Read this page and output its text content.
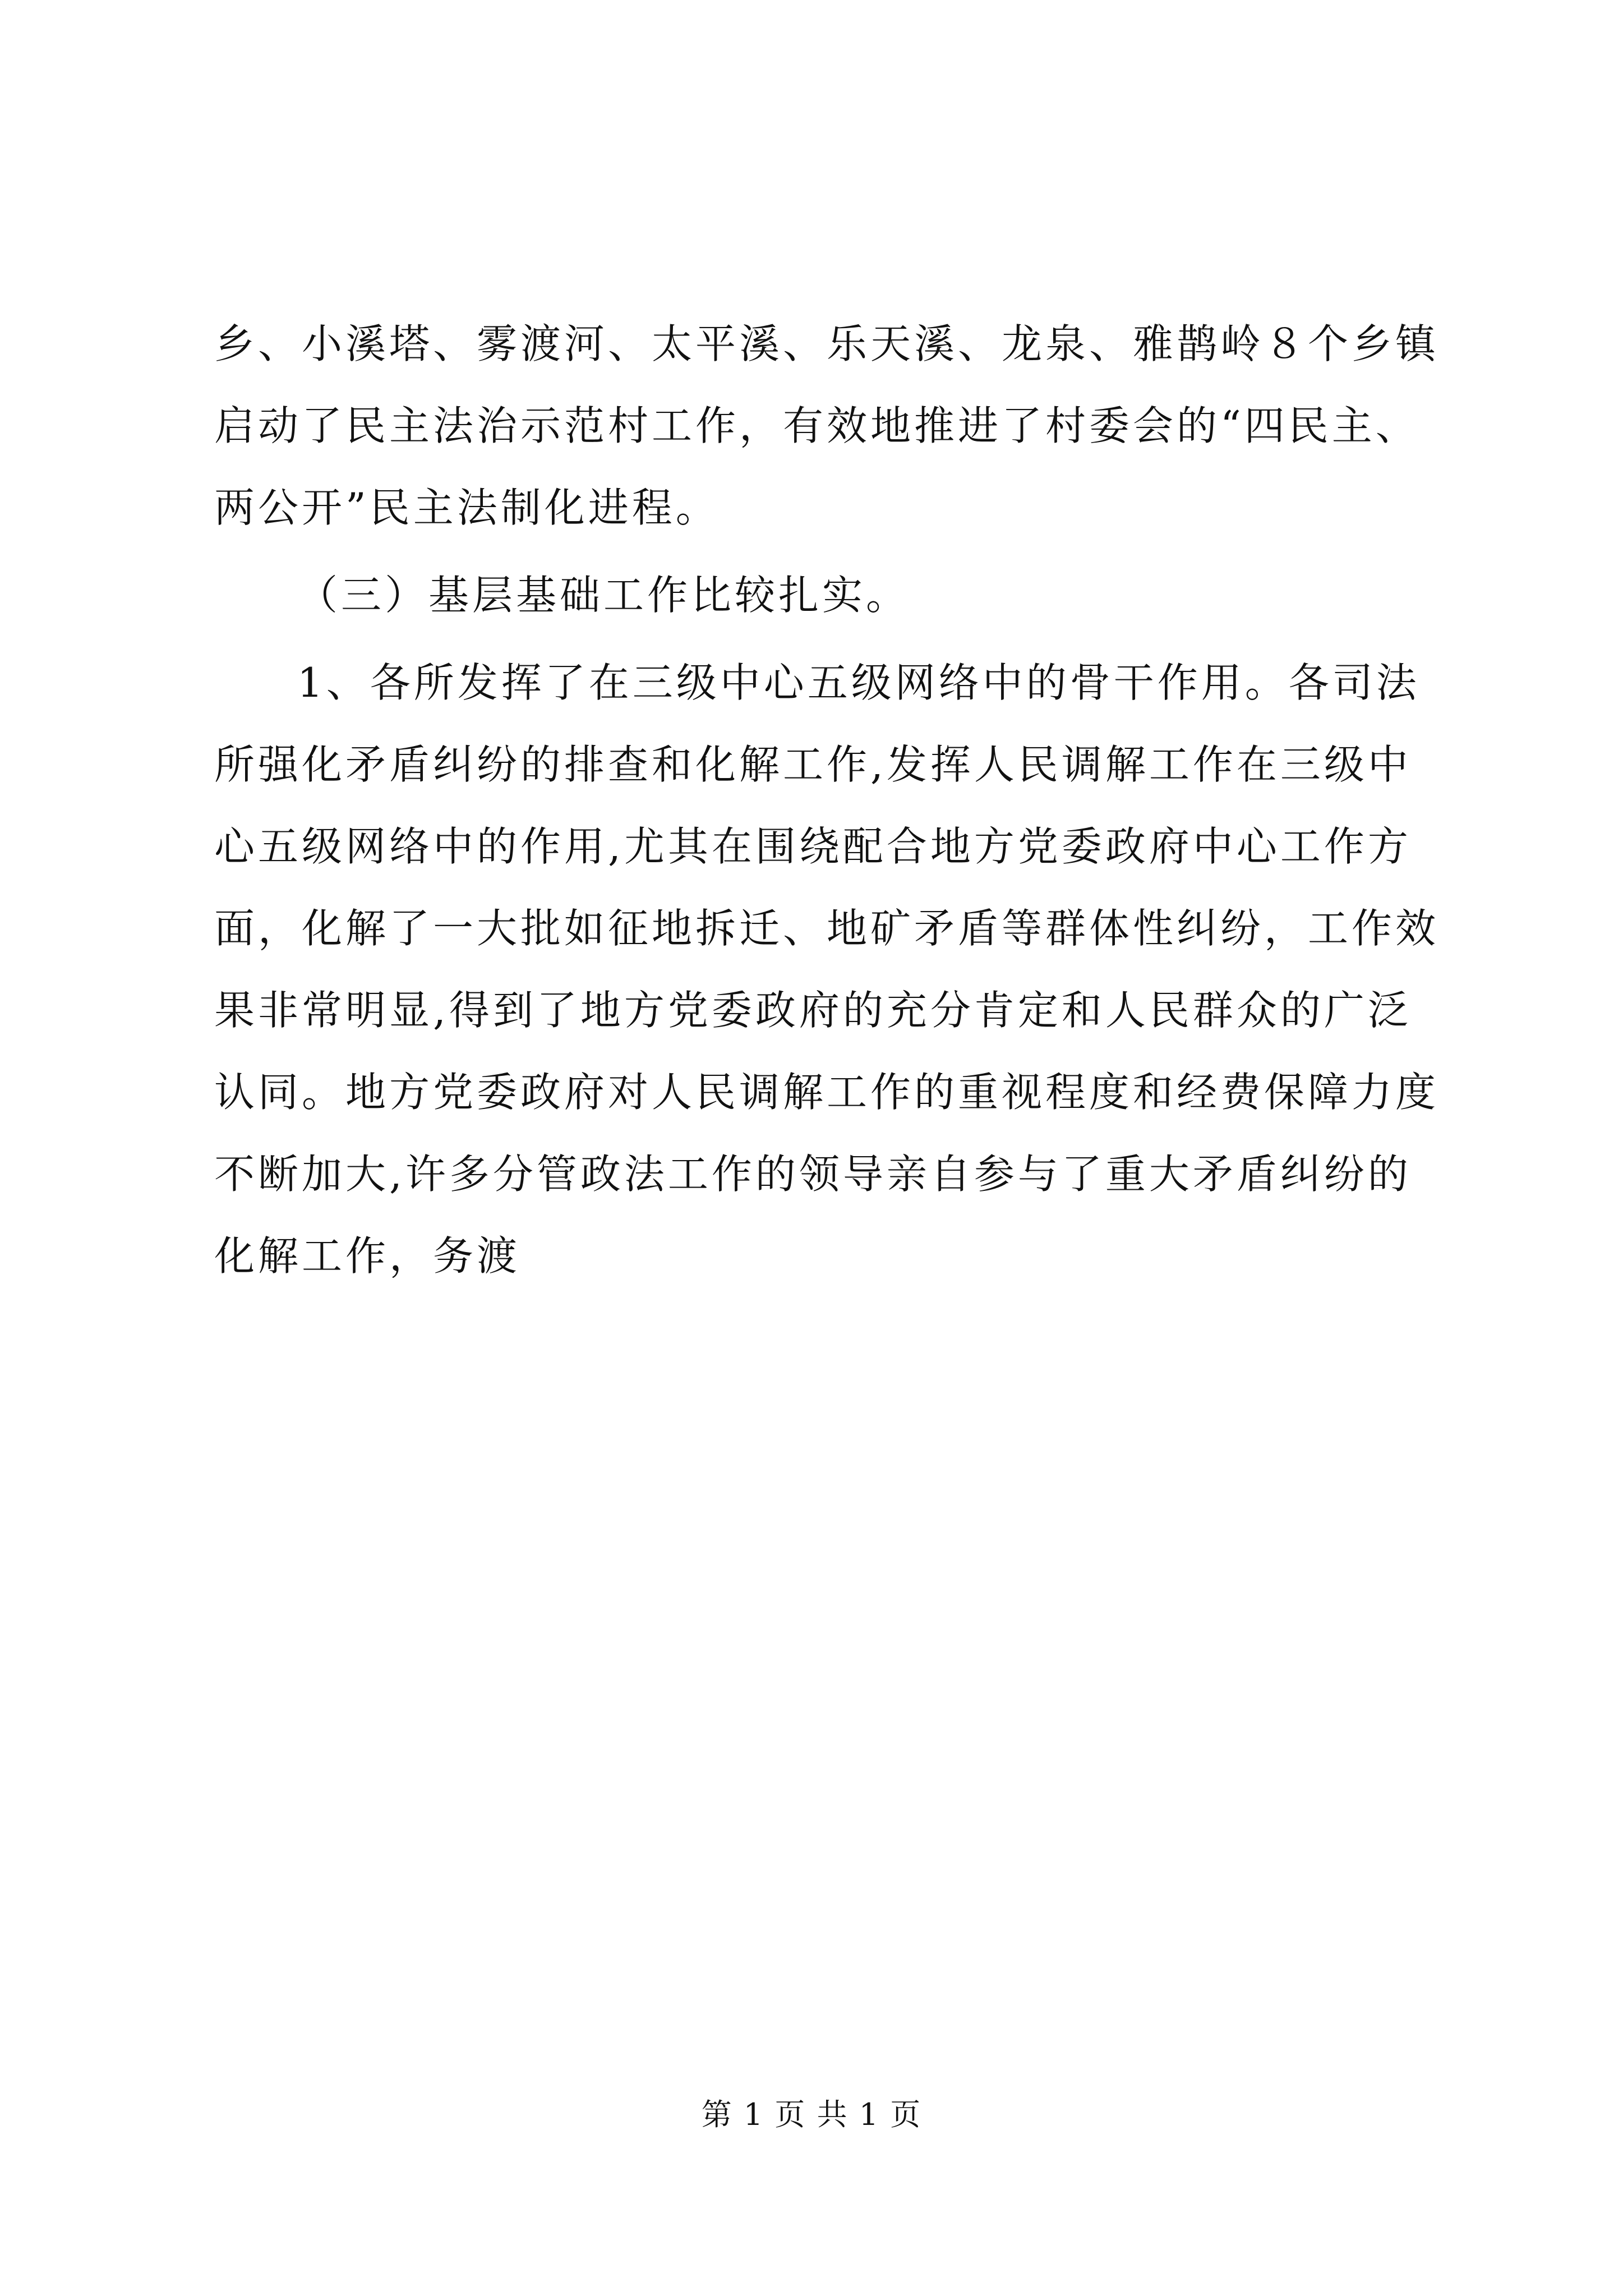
乡、小溪塔、雾渡河、太平溪、乐天溪、龙泉、雅鹊岭８个乡镇
启动了民主法治示范村工作，有效地推进了村委会的“四民主、
两公开”民主法制化进程。
（三）基层基础工作比较扎实。
1、各所发挥了在三级中心五级网络中的骨干作用。各司法
所强化矛盾纠纷的排查和化解工作,发挥人民调解工作在三级中
心五级网络中的作用,尤其在围绕配合地方党委政府中心工作方
面，化解了一大批如征地拆迁、地矿矛盾等群体性纠纷，工作效
果非常明显,得到了地方党委政府的充分肯定和人民群众的广泛
认同。地方党委政府对人民调解工作的重视程度和经费保障力度
不断加大,许多分管政法工作的领导亲自参与了重大矛盾纠纷的
化解工作，务渡
第 1 页 共 1 页
